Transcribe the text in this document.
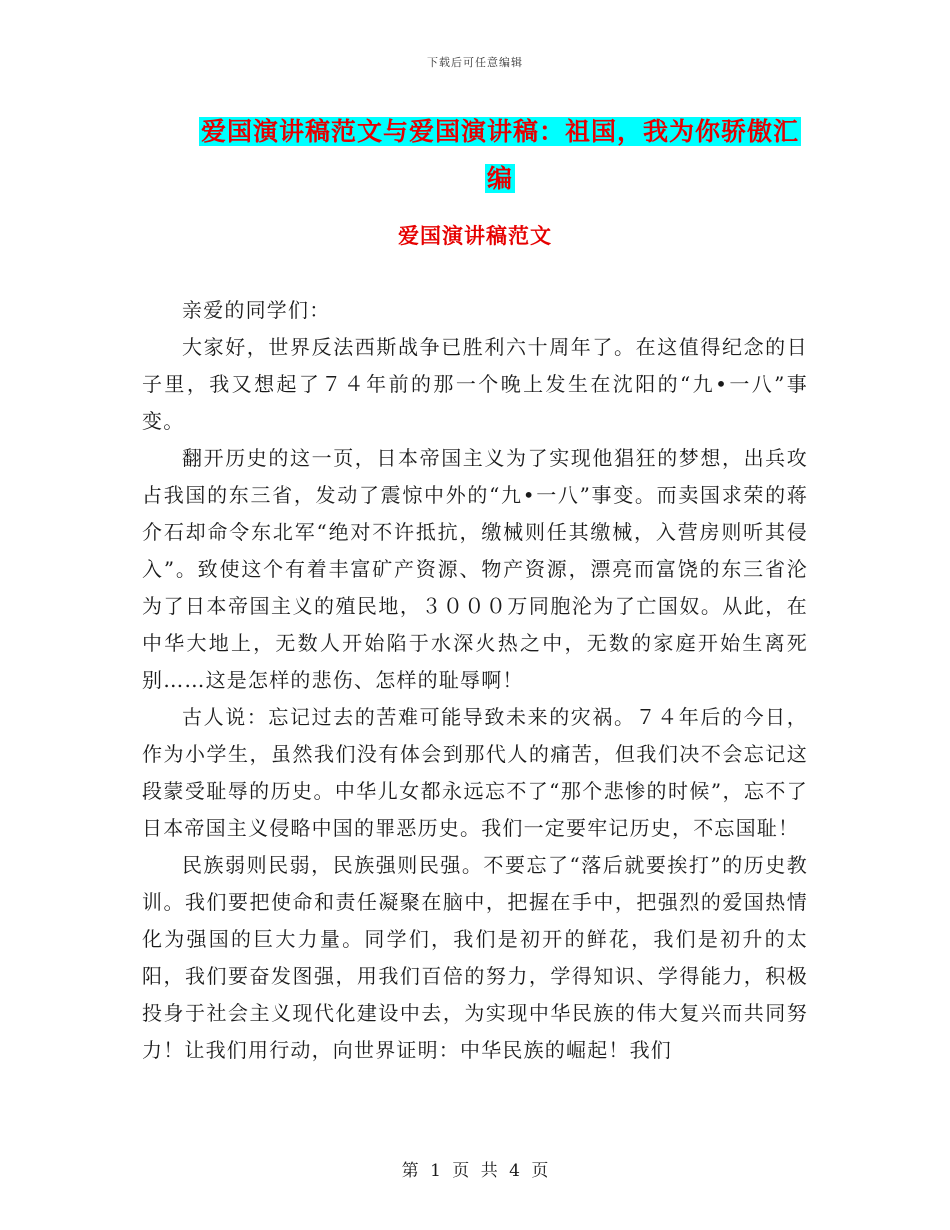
下载后可任意编辑
爱国演讲稿范文与爱国演讲稿：祖国，我为你骄傲汇编
爱国演讲稿范文

亲爱的同学们：

大家好，世界反法西斯战争已胜利六十周年了。在这值得纪念的日子里，我又想起了７４年前的那一个晚上发生在沈阳的“九•一八”事变。

翻开历史的这一页，日本帝国主义为了实现他猖狂的梦想，出兵攻占我国的东三省，发动了震惊中外的“九•一八”事变。而卖国求荣的蒋介石却命令东北军“绝对不许抵抗，缴械则任其缴械，入营房则听其侵入”。致使这个有着丰富矿产资源、物产资源，漂亮而富饶的东三省沦为了日本帝国主义的殖民地，３０００万同胞沦为了亡国奴。从此，在中华大地上，无数人开始陷于水深火热之中，无数的家庭开始生离死别……这是怎样的悲伤、怎样的耻辱啊！

古人说：忘记过去的苦难可能导致未来的灾祸。７４年后的今日，作为小学生，虽然我们没有体会到那代人的痛苦，但我们决不会忘记这段蒙受耻辱的历史。中华儿女都永远忘不了“那个悲惨的时候”，忘不了日本帝国主义侵略中国的罪恶历史。我们一定要牢记历史，不忘国耻！

民族弱则民弱，民族强则民强。不要忘了“落后就要挨打”的历史教训。我们要把使命和责任凝聚在脑中，把握在手中，把强烈的爱国热情化为强国的巨大力量。同学们，我们是初开的鲜花，我们是初升的太阳，我们要奋发图强，用我们百倍的努力，学得知识、学得能力，积极投身于社会主义现代化建设中去，为实现中华民族的伟大复兴而共同努力！让我们用行动，向世界证明：中华民族的崛起！我们

第 1 页 共 4 页
